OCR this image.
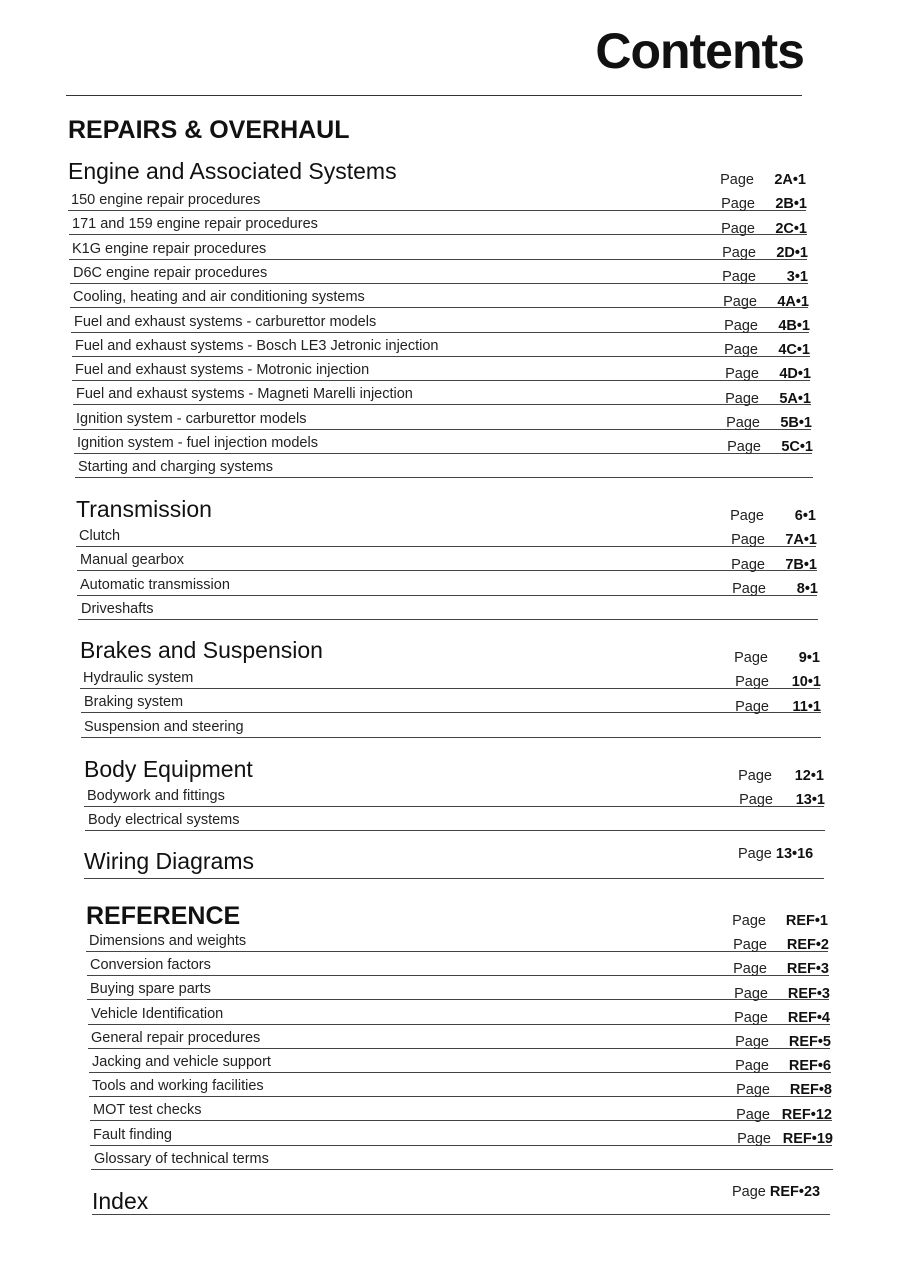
Contents
REPAIRS & OVERHAUL
Engine and Associated Systems
150 engine repair procedures
Page 2A•1
171 and 159 engine repair procedures
Page 2B•1
K1G engine repair procedures
Page 2C•1
D6C engine repair procedures
Page 2D•1
Cooling, heating and air conditioning systems
Page 3•1
Fuel and exhaust systems - carburettor models
Page 4A•1
Fuel and exhaust systems - Bosch LE3 Jetronic injection
Page 4B•1
Fuel and exhaust systems - Motronic injection
Page 4C•1
Fuel and exhaust systems - Magneti Marelli injection
Page 4D•1
Ignition system - carburettor models
Page 5A•1
Ignition system - fuel injection models
Page 5B•1
Starting and charging systems
Page 5C•1
Transmission
Clutch
Page 6•1
Manual gearbox
Page 7A•1
Automatic transmission
Page 7B•1
Driveshafts
Page 8•1
Brakes and Suspension
Hydraulic system
Page 9•1
Braking system
Page 10•1
Suspension and steering
Page 11•1
Body Equipment
Bodywork and fittings
Page 12•1
Body electrical systems
Page 13•1
Wiring Diagrams	Page 13•16
REFERENCE
Dimensions and weights
Page REF•1
Conversion factors
Page REF•2
Buying spare parts
Page REF•3
Vehicle Identification
Page REF•3
General repair procedures
Page REF•4
Jacking and vehicle support
Page REF•5
Tools and working facilities
Page REF•6
MOT test checks
Page REF•8
Fault finding
Page REF•12
Glossary of technical terms
Page REF•19
Index	Page REF•23
